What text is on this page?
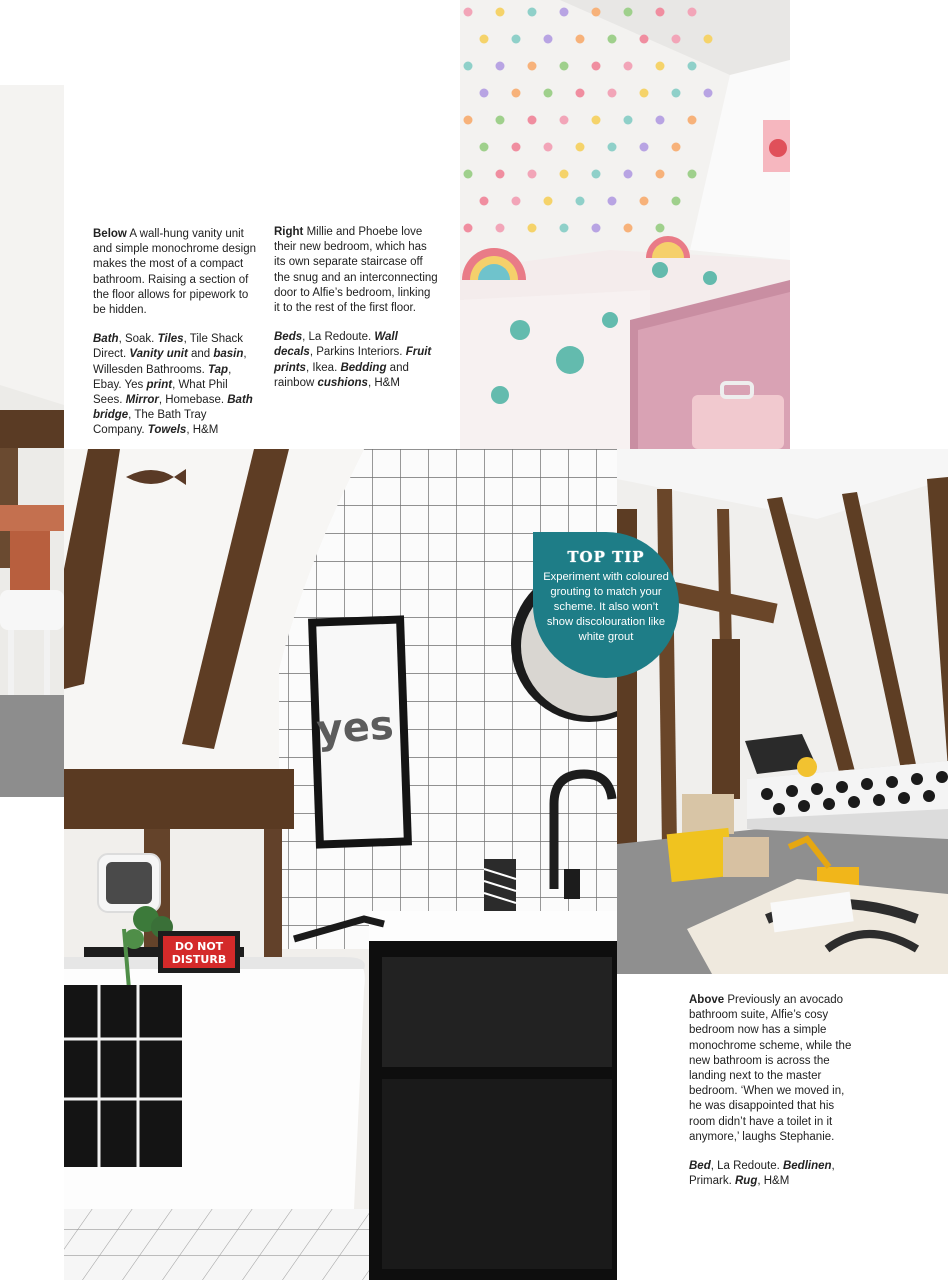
Below A wall-hung vanity unit and simple monochrome design makes the most of a compact bathroom. Raising a section of the floor allows for pipework to be hidden.

Bath, Soak. Tiles, Tile Shack Direct. Vanity unit and basin, Willesden Bathrooms. Tap, Ebay. Yes print, What Phil Sees. Mirror, Homebase. Bath bridge, The Bath Tray Company. Towels, H&M

Right Millie and Phoebe love their new bedroom, which has its own separate staircase off the snug and an interconnecting door to Alfie’s bedroom, linking it to the rest of the first floor.

Beds, La Redoute. Wall decals, Parkins Interiors. Fruit prints, Ikea. Bedding and rainbow cushions, H&M

Above Previously an avocado bathroom suite, Alfie’s cosy bedroom now has a simple monochrome scheme, while the new bathroom is across the landing next to the master bedroom. ‘When we moved in, he was disappointed that his room didn’t have a toilet in it anymore,’ laughs Stephanie.

Bed, La Redoute. Bedlinen, Primark. Rug, H&M

yes
DO NOT
DISTURB
TOP TIP
Experiment with coloured grouting to match your scheme. It also won’t show discolouration like white grout
